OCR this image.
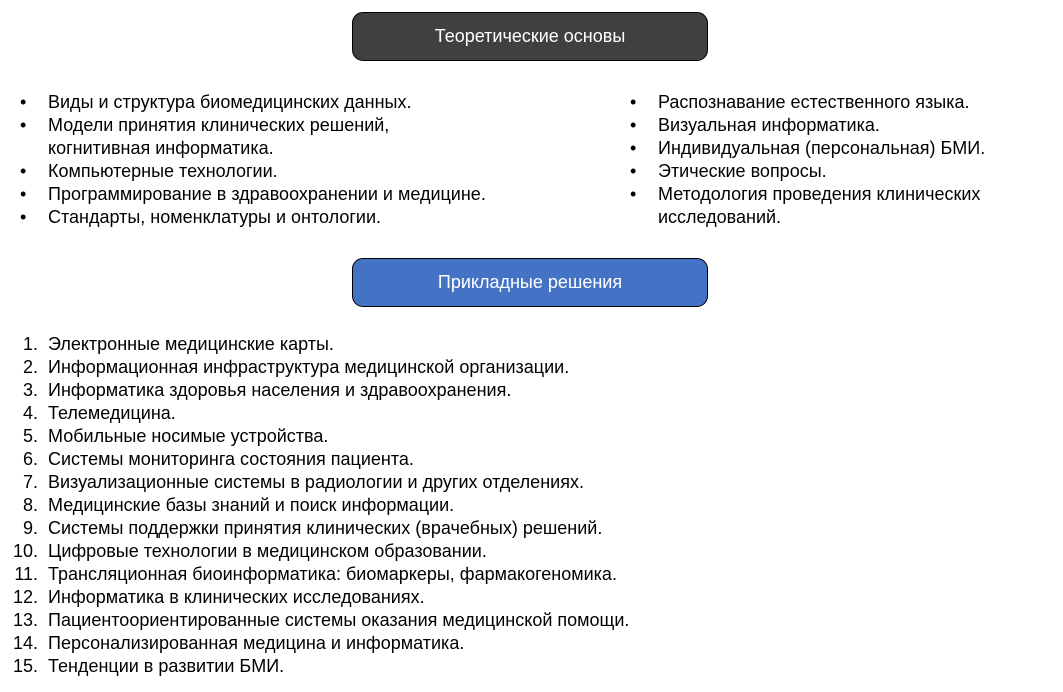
Теоретические основы
• Виды и структура биомедицинских данных.
• Модели принятия клинических решений,
когнитивная информатика.
• Компьютерные технологии.
• Программирование в здравоохранении и медицине.
• Стандарты, номенклатуры и онтологии.
• Распознавание естественного языка.
• Визуальная информатика.
• Индивидуальная (персональная) БМИ.
• Этические вопросы.
• Методология проведения клинических
исследований.
Прикладные решения
1. Электронные медицинские карты.
2. Информационная инфраструктура медицинской организации.
3. Информатика здоровья населения и здравоохранения.
4. Телемедицина.
5. Мобильные носимые устройства.
6. Системы мониторинга состояния пациента.
7. Визуализационные системы в радиологии и других отделениях.
8. Медицинские базы знаний и поиск информации.
9. Системы поддержки принятия клинических (врачебных) решений.
10. Цифровые технологии в медицинском образовании.
11. Трансляционная биоинформатика: биомаркеры, фармакогеномика.
12. Информатика в клинических исследованиях.
13. Пациентоориентированные системы оказания медицинской помощи.
14. Персонализированная медицина и информатика.
15. Тенденции в развитии БМИ.
